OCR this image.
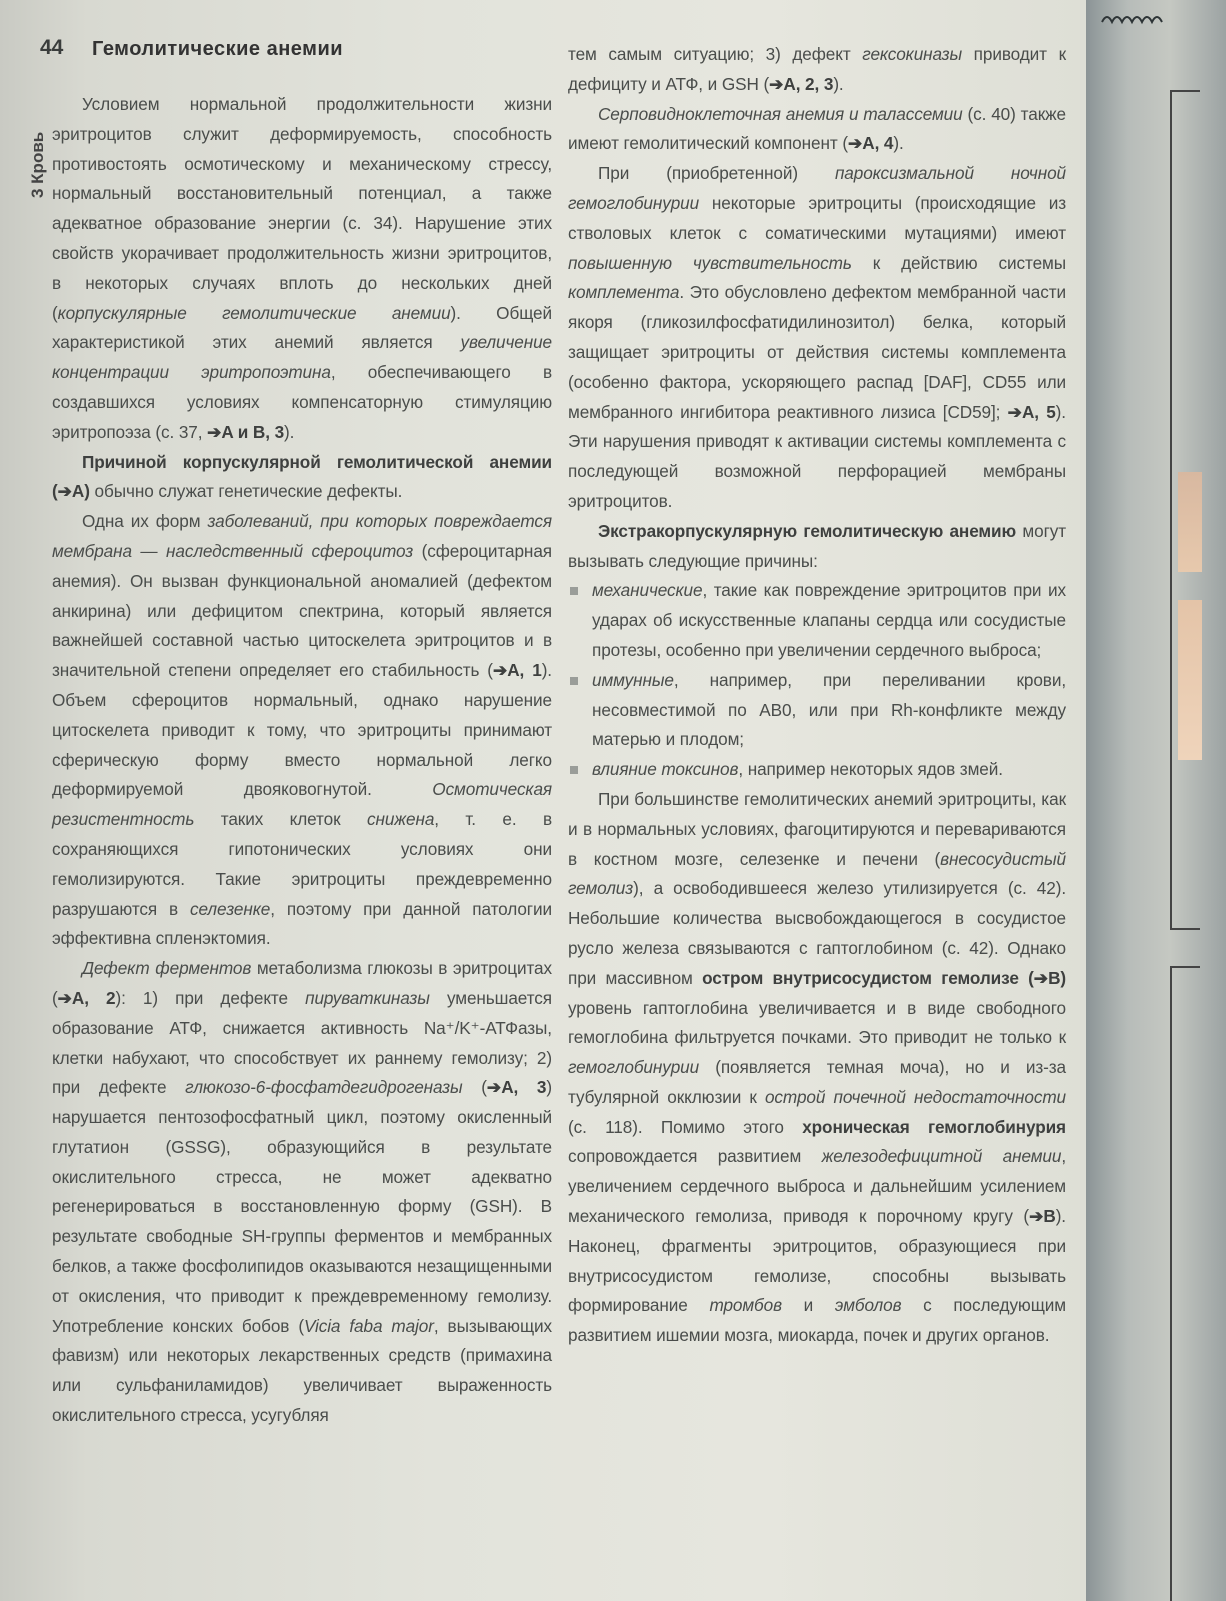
44 Гемолитические анемии
3 Кровь

Условием нормальной продолжительности жизни эритроцитов служит деформируемость, способность противостоять осмотическому и механическому стрессу, нормальный восстановительный потенциал, а также адекватное образование энергии (с. 34). Нарушение этих свойств укорачивает продолжительность жизни эритроцитов, в некоторых случаях вплоть до нескольких дней (корпускулярные гемолитические анемии). Общей характеристикой этих анемий является увеличение концентрации эритропоэтина, обеспечивающего в создавшихся условиях компенсаторную стимуляцию эритропоэза (с. 37, ➔A и B, 3).

Причиной корпускулярной гемолитической анемии (➔A) обычно служат генетические дефекты.

Одна их форм заболеваний, при которых повреждается мембрана — наследственный сфероцитоз (сфероцитарная анемия). Он вызван функциональной аномалией (дефектом анкирина) или дефицитом спектрина, который является важнейшей составной частью цитоскелета эритроцитов и в значительной степени определяет его стабильность (➔A, 1). Объем сфероцитов нормальный, однако нарушение цитоскелета приводит к тому, что эритроциты принимают сферическую форму вместо нормальной легко деформируемой двояковогнутой. Осмотическая резистентность таких клеток снижена, т. е. в сохраняющихся гипотонических условиях они гемолизируются. Такие эритроциты преждевременно разрушаются в селезенке, поэтому при данной патологии эффективна спленэктомия.

Дефект ферментов метаболизма глюкозы в эритроцитах (➔A, 2): 1) при дефекте пируваткиназы уменьшается образование АТФ, снижается активность Na⁺/K⁺-АТФазы, клетки набухают, что способствует их раннему гемолизу; 2) при дефекте глюкозо-6-фосфатдегидрогеназы (➔A, 3) нарушается пентозофосфатный цикл, поэтому окисленный глутатион (GSSG), образующийся в результате окислительного стресса, не может адекватно регенерироваться в восстановленную форму (GSH). В результате свободные SH-группы ферментов и мембранных белков, а также фосфолипидов оказываются незащищенными от окисления, что приводит к преждевременному гемолизу. Употребление конских бобов (Vicia faba major, вызывающих фавизм) или некоторых лекарственных средств (примахина или сульфаниламидов) увеличивает выраженность окислительного стресса, усугубляя

тем самым ситуацию; 3) дефект гексокиназы приводит к дефициту и АТФ, и GSH (➔A, 2, 3).

Серповидноклеточная анемия и талассемии (с. 40) также имеют гемолитический компонент (➔A, 4).

При (приобретенной) пароксизмальной ночной гемоглобинурии некоторые эритроциты (происходящие из стволовых клеток с соматическими мутациями) имеют повышенную чувствительность к действию системы комплемента. Это обусловлено дефектом мембранной части якоря (гликозилфосфатидилинозитол) белка, который защищает эритроциты от действия системы комплемента (особенно фактора, ускоряющего распад [DAF], CD55 или мембранного ингибитора реактивного лизиса [CD59]; ➔A, 5). Эти нарушения приводят к активации системы комплемента с последующей возможной перфорацией мембраны эритроцитов.

Экстракорпускулярную гемолитическую анемию могут вызывать следующие причины:

механические, такие как повреждение эритроцитов при их ударах об искусственные клапаны сердца или сосудистые протезы, особенно при увеличении сердечного выброса;
иммунные, например, при переливании крови, несовместимой по АВ0, или при Rh-конфликте между матерью и плодом;
влияние токсинов, например некоторых ядов змей.

При большинстве гемолитических анемий эритроциты, как и в нормальных условиях, фагоцитируются и перевариваются в костном мозге, селезенке и печени (внесосудистый гемолиз), а освободившееся железо утилизируется (с. 42). Небольшие количества высвобождающегося в сосудистое русло железа связываются с гаптоглобином (с. 42). Однако при массивном остром внутрисосудистом гемолизе (➔B) уровень гаптоглобина увеличивается и в виде свободного гемоглобина фильтруется почками. Это приводит не только к гемоглобинурии (появляется темная моча), но и из-за тубулярной окклюзии к острой почечной недостаточности (с. 118). Помимо этого хроническая гемоглобинурия сопровождается развитием железодефицитной анемии, увеличением сердечного выброса и дальнейшим усилением механического гемолиза, приводя к порочному кругу (➔B). Наконец, фрагменты эритроцитов, образующиеся при внутрисосудистом гемолизе, способны вызывать формирование тромбов и эмболов с последующим развитием ишемии мозга, миокарда, почек и других органов.
